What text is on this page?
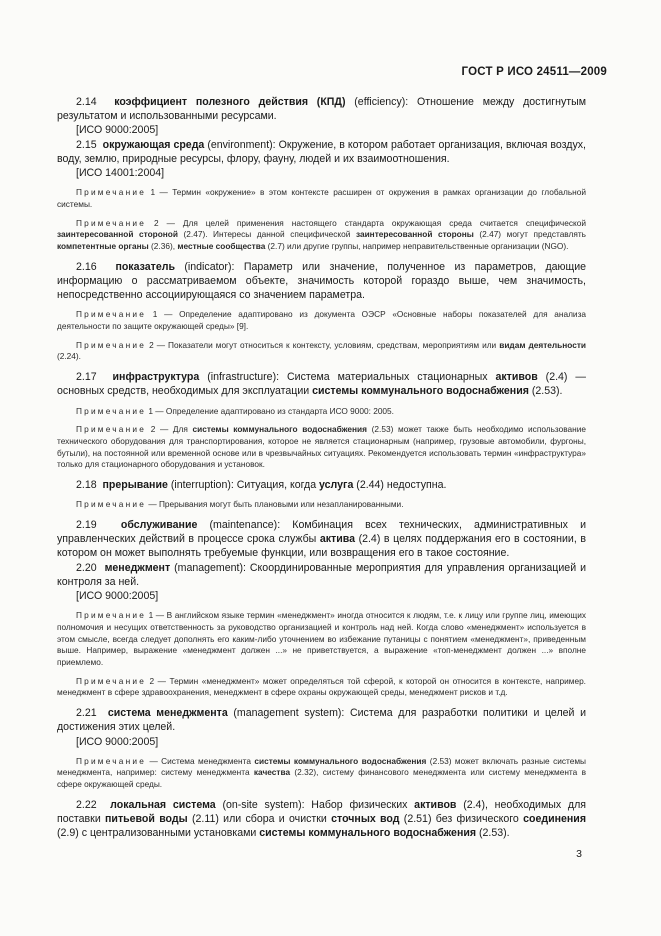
ГОСТ Р ИСО 24511—2009

2.14 коэффициент полезного действия (КПД) (efficiency): Отношение между достигнутым результатом и использованными ресурсами.

[ИСО 9000:2005]

2.15 окружающая среда (environment): Окружение, в котором работает организация, включая воздух, воду, землю, природные ресурсы, флору, фауну, людей и их взаимоотношения.

[ИСО 14001:2004]

Примечание 1 — Термин «окружение» в этом контексте расширен от окружения в рамках организации до глобальной системы.

Примечание 2 — Для целей применения настоящего стандарта окружающая среда считается специфической заинтересованной стороной (2.47). Интересы данной специфической заинтересованной стороны (2.47) могут представлять компетентные органы (2.36), местные сообщества (2.7) или другие группы, например неправительственные организации (NGO).

2.16 показатель (indicator): Параметр или значение, полученное из параметров, дающие информацию о рассматриваемом объекте, значимость которой гораздо выше, чем значимость, непосредственно ассоциирующаяся со значением параметра.

Примечание 1 — Определение адаптировано из документа ОЭСР «Основные наборы показателей для анализа деятельности по защите окружающей среды» [9].

Примечание 2 — Показатели могут относиться к контексту, условиям, средствам, мероприятиям или видам деятельности (2.24).

2.17 инфраструктура (infrastructure): Система материальных стационарных активов (2.4) — основных средств, необходимых для эксплуатации системы коммунального водоснабжения (2.53).

Примечание 1 — Определение адаптировано из стандарта ИСО 9000: 2005.

Примечание 2 — Для системы коммунального водоснабжения (2.53) может также быть необходимо использование технического оборудования для транспортирования, которое не является стационарным (например, грузовые автомобили, фургоны, бутыли), на постоянной или временной основе или в чрезвычайных ситуациях. Рекомендуется использовать термин «инфраструктура» только для стационарного оборудования и установок.

2.18 прерывание (interruption): Ситуация, когда услуга (2.44) недоступна.

Примечание — Прерывания могут быть плановыми или незапланированными.

2.19 обслуживание (maintenance): Комбинация всех технических, административных и управленческих действий в процессе срока службы актива (2.4) в целях поддержания его в состоянии, в котором он может выполнять требуемые функции, или возвращения его в такое состояние.

2.20 менеджмент (management): Скоординированные мероприятия для управления организацией и контроля за ней.

[ИСО 9000:2005]

Примечание 1 — В английском языке термин «менеджмент» иногда относится к людям, т.е. к лицу или группе лиц, имеющих полномочия и несущих ответственность за руководство организацией и контроль над ней. Когда слово «менеджмент» используется в этом смысле, всегда следует дополнять его каким-либо уточнением во избежание путаницы с понятием «менеджмент», приведенным выше. Например, выражение «менеджмент должен ...» не приветствуется, а выражение «топ-менеджмент должен ...» вполне приемлемо.

Примечание 2 — Термин «менеджмент» может определяться той сферой, к которой он относится в контексте, например. менеджмент в сфере здравоохранения, менеджмент в сфере охраны окружающей среды, менеджмент рисков и т.д.

2.21 система менеджмента (management system): Система для разработки политики и целей и достижения этих целей.

[ИСО 9000:2005]

Примечание — Система менеджмента системы коммунального водоснабжения (2.53) может включать разные системы менеджмента, например: систему менеджмента качества (2.32), систему финансового менеджмента или систему менеджмента в сфере окружающей среды.

2.22 локальная система (on-site system): Набор физических активов (2.4), необходимых для поставки питьевой воды (2.11) или сбора и очистки сточных вод (2.51) без физического соединения (2.9) с централизованными установками системы коммунального водоснабжения (2.53).

3
